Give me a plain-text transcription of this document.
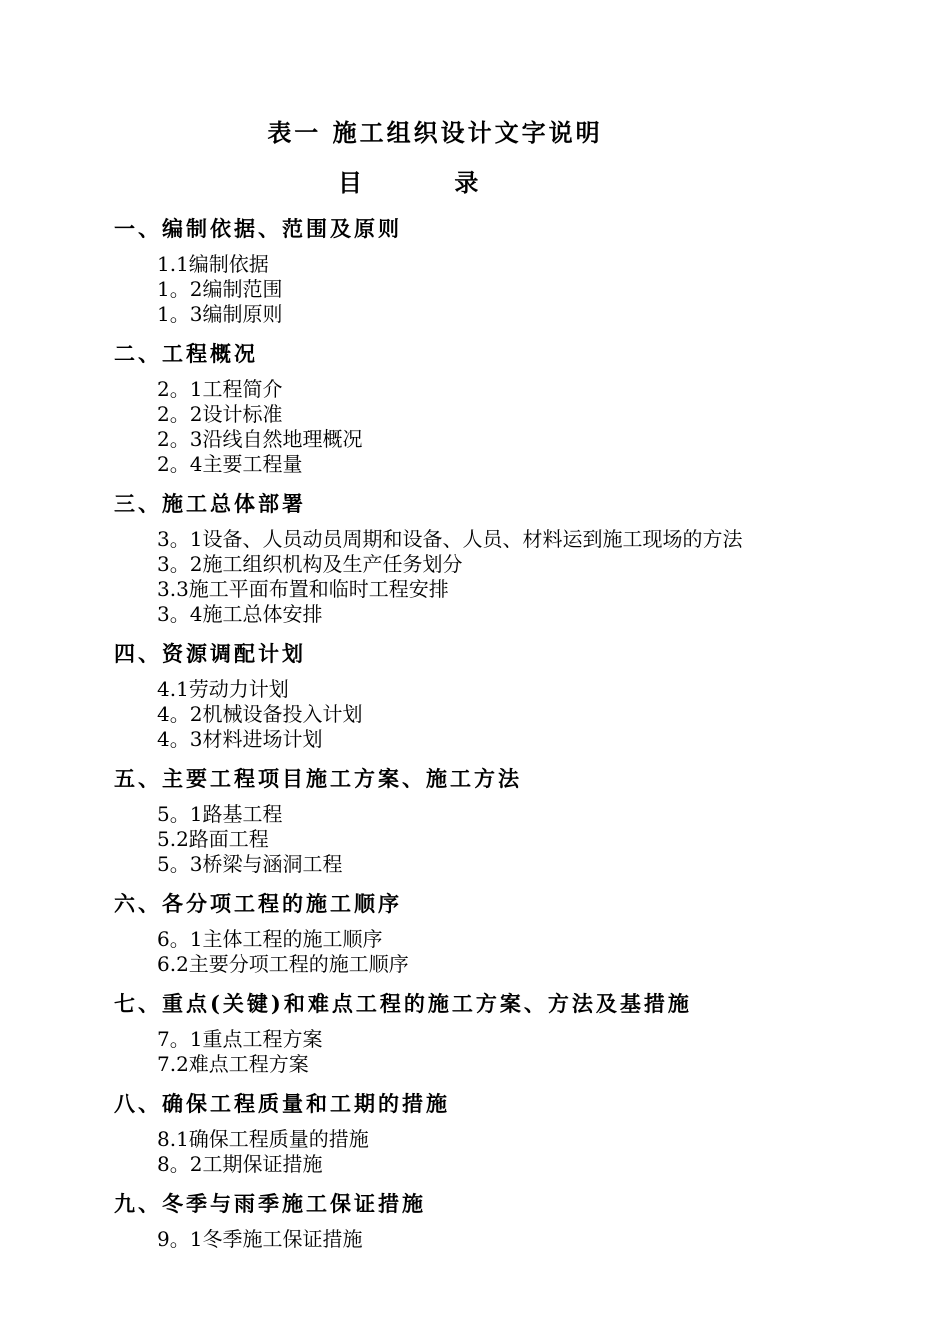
表一 施工组织设计文字说明
目 录
一、编制依据、范围及原则
1.1编制依据
1。2编制范围
1。3编制原则
二、工程概况
2。1工程简介
2。2设计标准
2。3沿线自然地理概况
2。4主要工程量
三、施工总体部署
3。1设备、人员动员周期和设备、人员、材料运到施工现场的方法
3。2施工组织机构及生产任务划分
3.3施工平面布置和临时工程安排
3。4施工总体安排
四、资源调配计划
4.1劳动力计划
4。2机械设备投入计划
4。3材料进场计划
五、主要工程项目施工方案、施工方法
5。1路基工程
5.2路面工程
5。3桥梁与涵洞工程
六、各分项工程的施工顺序
6。1主体工程的施工顺序
6.2主要分项工程的施工顺序
七、重点(关键)和难点工程的施工方案、方法及基措施
7。1重点工程方案
7.2难点工程方案
八、确保工程质量和工期的措施
8.1确保工程质量的措施
8。2工期保证措施
九、冬季与雨季施工保证措施
9。1冬季施工保证措施
